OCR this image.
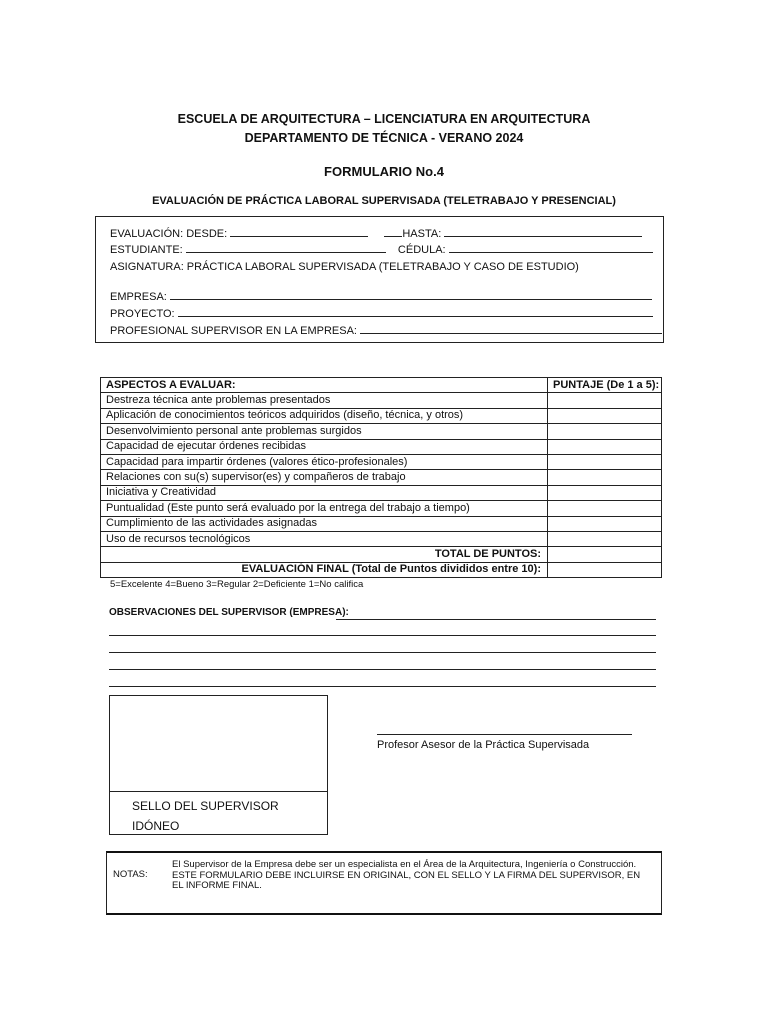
ESCUELA DE ARQUITECTURA – LICENCIATURA EN ARQUITECTURA
DEPARTAMENTO DE TÉCNICA - VERANO 2024
FORMULARIO No.4
EVALUACIÓN DE PRÁCTICA LABORAL SUPERVISADA (TELETRABAJO Y PRESENCIAL)
EVALUACIÓN: DESDE:	HASTA:
ESTUDIANTE:	CÉDULA:
ASIGNATURA: PRÁCTICA LABORAL SUPERVISADA (TELETRABAJO Y CASO DE ESTUDIO)
EMPRESA:
PROYECTO:
PROFESIONAL SUPERVISOR EN LA EMPRESA:
ASPECTOS A EVALUAR:	PUNTAJE (De 1 a 5):
Destreza técnica ante problemas presentados	
Aplicación de conocimientos teóricos adquiridos (diseño, técnica, y otros)	
Desenvolvimiento personal ante problemas surgidos	
Capacidad de ejecutar órdenes recibidas	
Capacidad para impartir órdenes (valores ético-profesionales)	
Relaciones con su(s) supervisor(es) y compañeros de trabajo	
Iniciativa y Creatividad	
Puntualidad (Este punto será evaluado por la entrega del trabajo a tiempo)	
Cumplimiento de las actividades asignadas	
Uso de recursos tecnológicos	
TOTAL DE PUNTOS:	
EVALUACIÓN FINAL (Total de Puntos divididos entre 10):	
5=Excelente 4=Bueno 3=Regular 2=Deficiente 1=No califica
OBSERVACIONES DEL SUPERVISOR (EMPRESA):
SELLO DEL SUPERVISOR
IDÓNEO
Profesor Asesor de la Práctica Supervisada
NOTAS:
El Supervisor de la Empresa debe ser un especialista en el Área de la Arquitectura, Ingeniería o Construcción.
ESTE FORMULARIO DEBE INCLUIRSE EN ORIGINAL, CON EL SELLO Y LA FIRMA DEL SUPERVISOR, EN EL INFORME FINAL.
